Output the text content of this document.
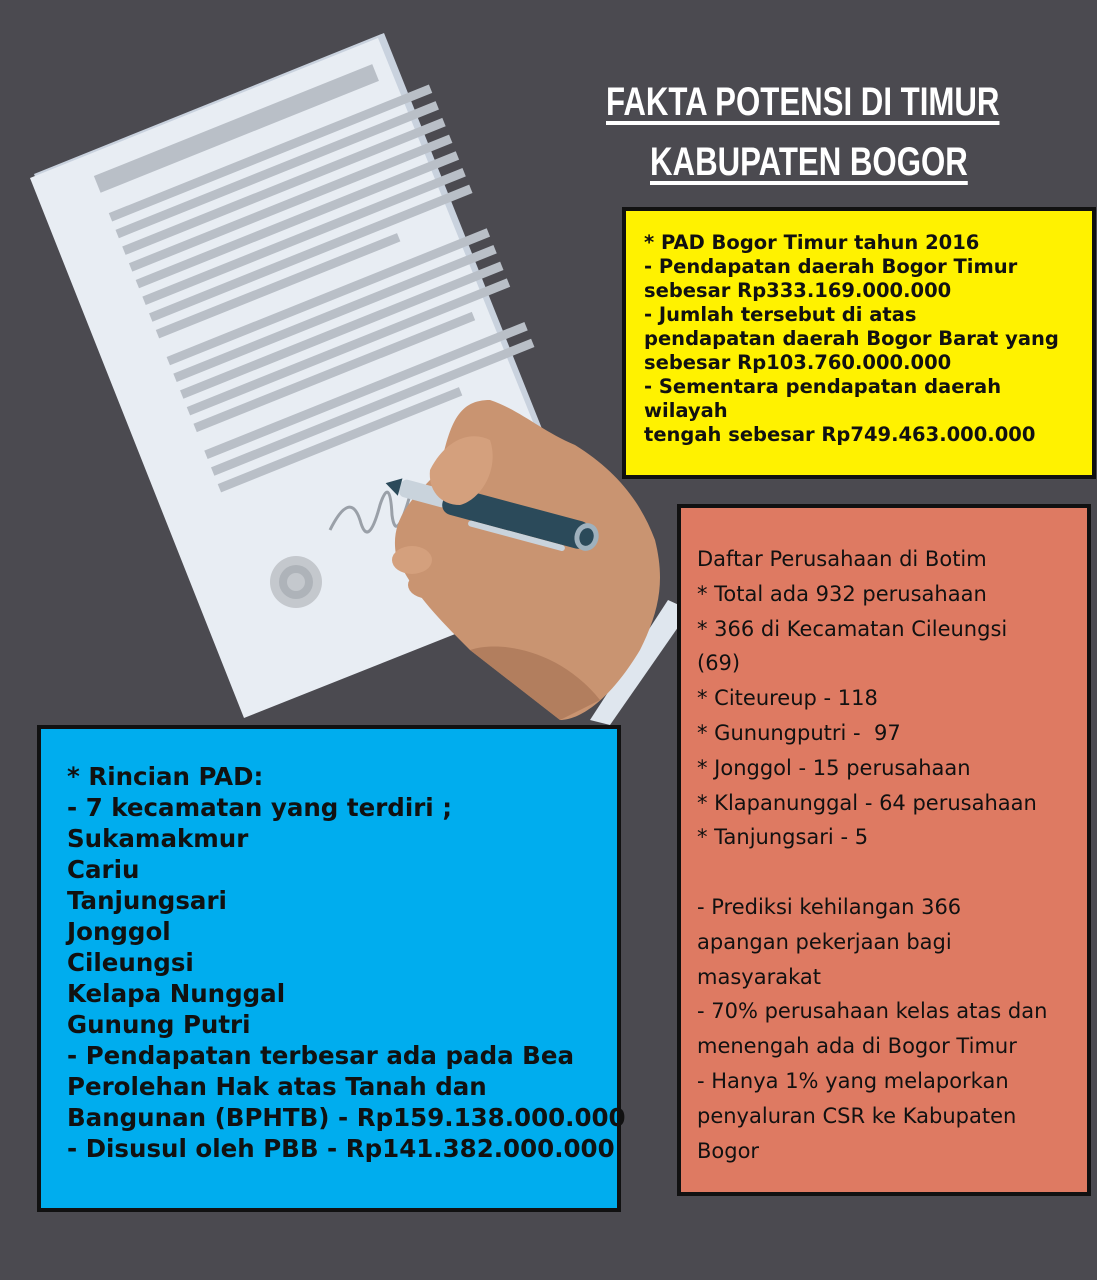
FAKTA POTENSI DI TIMUR
KABUPATEN BOGOR
* PAD Bogor Timur tahun 2016
- Pendapatan daerah Bogor Timur
sebesar Rp333.169.000.000
- Jumlah tersebut di atas
pendapatan daerah Bogor Barat yang
sebesar Rp103.760.000.000
- Sementara pendapatan daerah
wilayah
tengah sebesar Rp749.463.000.000
Daftar Perusahaan di Botim
* Total ada 932 perusahaan
* 366 di Kecamatan Cileungsi
(69)
* Citeureup - 118
* Gunungputri -  97
* Jonggol - 15 perusahaan
* Klapanunggal - 64 perusahaan
* Tanjungsari - 5

- Prediksi kehilangan 366
apangan pekerjaan bagi
masyarakat
- 70% perusahaan kelas atas dan
menengah ada di Bogor Timur
- Hanya 1% yang melaporkan
penyaluran CSR ke Kabupaten
Bogor
* Rincian PAD:
- 7 kecamatan yang terdiri ;
Sukamakmur
Cariu
Tanjungsari
Jonggol
Cileungsi
Kelapa Nunggal
Gunung Putri
- Pendapatan terbesar ada pada Bea
Perolehan Hak atas Tanah dan
Bangunan (BPHTB) - Rp159.138.000.000
- Disusul oleh PBB - Rp141.382.000.000
